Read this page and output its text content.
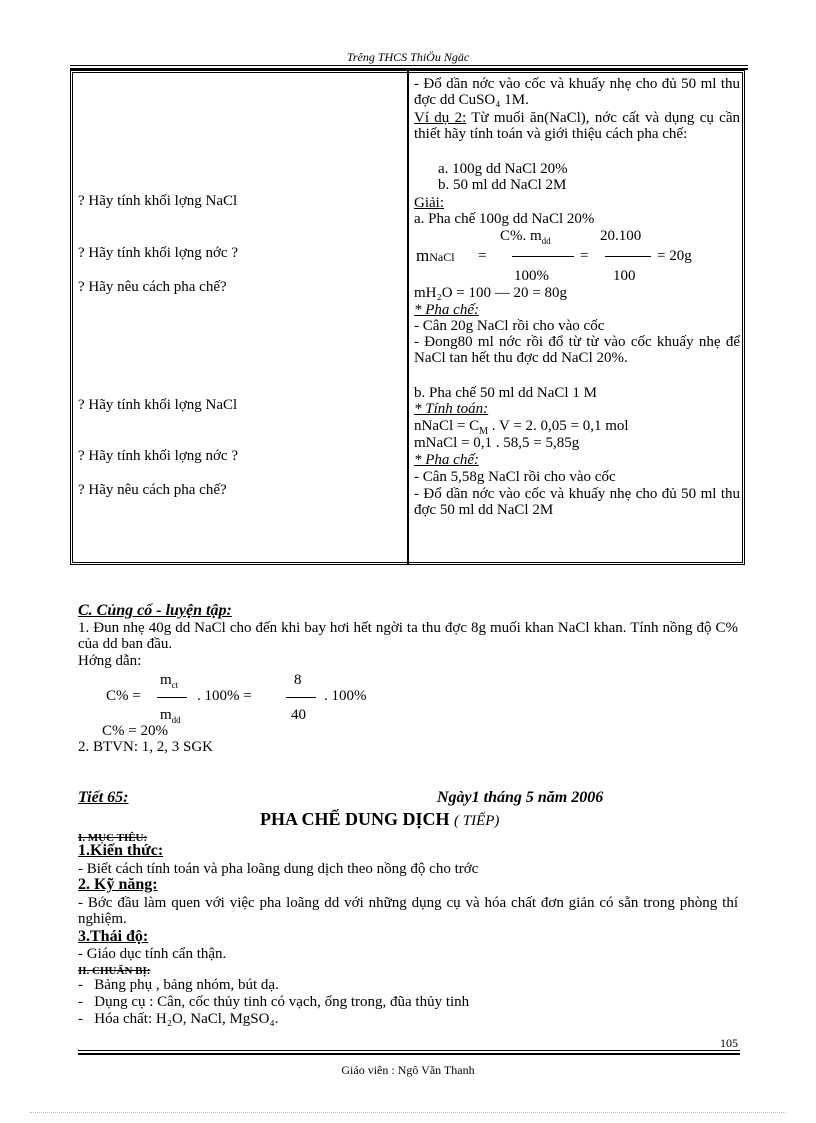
Trêng THCS ThiÖu Ngäc
? Hãy tính khối lợng NaCl
? Hãy tính khối lợng nớc ?
? Hãy nêu cách pha chế?
? Hãy tính khối lợng NaCl
? Hãy tính khối lợng nớc ?
? Hãy nêu cách pha chế?
- Đổ dần nớc vào cốc và khuấy nhẹ cho đủ 50 ml thu đợc dd CuSO₄ 1M.
Ví dụ 2: Từ muối ăn(NaCl), nớc cất và dụng cụ cần thiết hãy tính toán và giới thiệu cách pha chế:
a. 100g dd NaCl 20%
b. 50 ml dd NaCl 2M
Giải:
a. Pha chế 100g dd NaCl 20%
C%. $m_{dd}$	20.100
mNaCl =	=	= 20g
100%	100
mH₂O = 100 — 20 = 80g
* Pha chế:
- Cân 20g NaCl rồi cho vào cốc
- Đong80 ml nớc rồi đổ từ từ vào cốc khuấy nhẹ để NaCl tan hết thu đợc dd NaCl 20%.
b. Pha chế 50 ml dd NaCl 1 M
* Tính toán:
nNaCl = $C_M$ . V = 2. 0,05 = 0,1 mol
mNaCl = 0,1 . 58,5 = 5,85g
* Pha chế:
- Cân 5,58g NaCl rồi cho vào cốc
- Đổ dần nớc vào cốc và khuấy nhẹ cho đủ 50 ml thu đợc 50 ml dd NaCl 2M
C. Củng cố - luyện tập:
1. Đun nhẹ 40g dd NaCl cho đến khi bay hơi hết ngời ta thu đợc 8g muối khan NaCl khan. Tính nồng độ C% của dd ban đầu.
Hớng dẫn:
$m_{ct}$
C% =
$m_{dd}$
. 100% =
8
40
. 100%
C% = 20%
2. BTVN: 1, 2, 3 SGK
Tiết 65:	Ngày1 tháng 5 năm 2006
PHA CHẾ DUNG DỊCH ( TIẾP)
I. MỤC TIÊU:
1.Kiến thức:
- Biết cách tính toán và pha loãng dung dịch theo nồng độ cho trớc
2. Kỹ năng:
- Bớc đầu làm quen với việc pha loãng dd với những dụng cụ và hóa chất đơn giản có sẵn trong phòng thí nghiệm.
3.Thái độ:
- Giáo dục tính cẩn thận.
II. CHUẨN BỊ:
-   Bảng phụ , bảng nhóm, bút dạ.
-   Dụng cụ : Cân, cốc thủy tinh có vạch, ống trong, đũa thủy tinh
-   Hóa chất: H₂O, NaCl, MgSO₄.
105
Giáo viên : Ngô Văn Thanh
